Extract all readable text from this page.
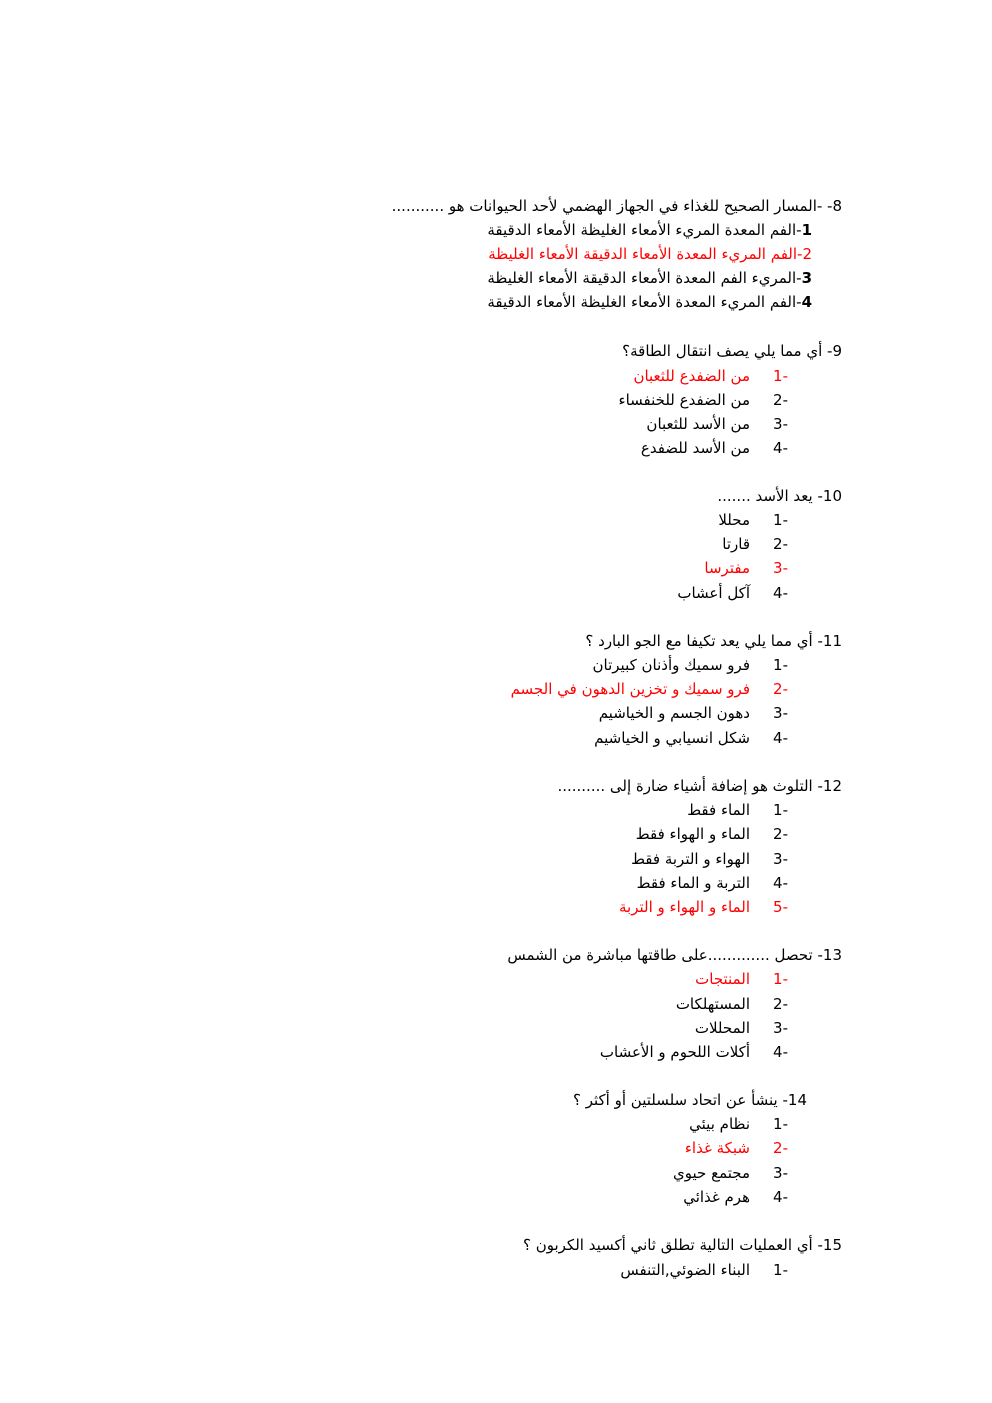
8- -المسار الصحيح للغذاء في الجهاز الهضمي لأحد الحيوانات هو ...........
1-الفم المعدة المريء الأمعاء الغليظة الأمعاء الدقيقة
2-الفم المريء المعدة الأمعاء الدقيقة الأمعاء الغليظة
3-المريء الفم المعدة الأمعاء الدقيقة الأمعاء الغليظة
4-الفم المريء المعدة الأمعاء الغليظة الأمعاء الدقيقة
9- أي مما يلي يصف انتقال الطاقة؟
1-
من الضفدع للثعبان
2-
من الضفدع للخنفساء
3-
من الأسد للثعبان
4-
من الأسد للضفدع
10- يعد الأسد .......
1-
محللا
2-
قارتا
3-
مفترسا
4-
آكل أعشاب
11- أي مما يلي يعد تكيفا مع الجو البارد ؟
1-
فرو سميك وأذنان كبيرتان
2-
فرو سميك و تخزين الدهون في الجسم
3-
دهون الجسم و الخياشيم
4-
شكل انسيابي و الخياشيم
12- التلوث هو إضافة أشياء ضارة إلى ..........
1-
الماء فقط
2-
الماء و الهواء فقط
3-
الهواء و التربة فقط
4-
التربة و الماء فقط
5-
الماء و الهواء و التربة
13- تحصل .............على طاقتها مباشرة من الشمس
1-
المنتجات
2-
المستهلكات
3-
المحللات
4-
أكلات اللحوم و الأعشاب
14- ينشأ عن اتحاد سلسلتين أو أكثر ؟
1-
نظام بيئي
2-
شبكة غذاء
3-
مجتمع حيوي
4-
هرم غذائي
15- أي العمليات التالية تطلق ثاني أكسيد الكربون ؟
1-
البناء الضوئي,التنفس
